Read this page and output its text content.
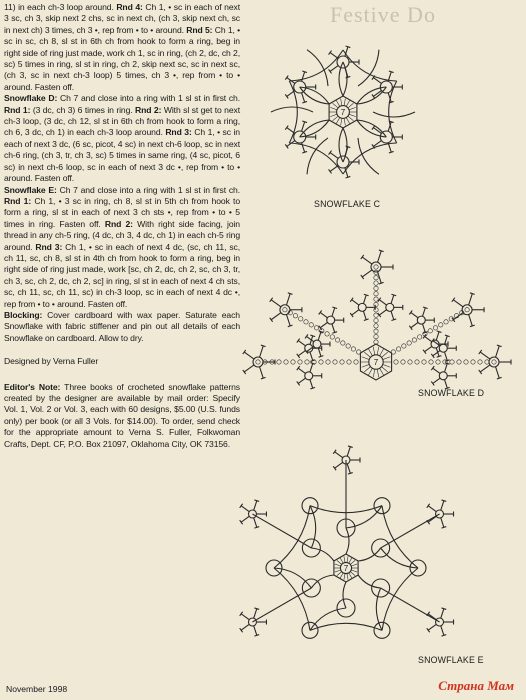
Festive Do

11) in each ch-3 loop around. Rnd 4: Ch 1, • sc in each of next 3 sc, ch 3, skip next 2 chs, sc in next ch, (ch 3, skip next ch, sc in next ch) 3 times, ch 3 •, rep from • to • around. Rnd 5: Ch 1, • sc in sc, ch 8, sl st in 6th ch from hook to form a ring, beg in right side of ring just made, work ch 1, sc in ring, (ch 2, dc, ch 2, sc) 5 times in ring, sl st in ring, ch 2, skip next sc, sc in next sc, (ch 3, sc in next ch-3 loop) 5 times, ch 3 •, rep from • to • around. Fasten off.

Snowflake D: Ch 7 and close into a ring with 1 sl st in first ch. Rnd 1: (3 dc, ch 3) 6 times in ring. Rnd 2: With sl st get to next ch-3 loop, (3 dc, ch 12, sl st in 6th ch from hook to form a ring, ch 6, 3 dc, ch 1) in each ch-3 loop around. Rnd 3: Ch 1, • sc in each of next 3 dc, (6 sc, picot, 4 sc) in next ch-6 loop, sc in next ch-6 ring, (ch 3, tr, ch 3, sc) 5 times in same ring, (4 sc, picot, 6 sc) in next ch-6 loop, sc in each of next 3 dc •, rep from • to • around. Fasten off.

Snowflake E: Ch 7 and close into a ring with 1 sl st in first ch. Rnd 1: Ch 1, • 3 sc in ring, ch 8, sl st in 5th ch from hook to form a ring, sl st in each of next 3 ch sts •, rep from • to • 5 times in ring. Fasten off. Rnd 2: With right side facing, join thread in any ch-5 ring, (4 dc, ch 3, 4 dc, ch 1) in each ch-5 ring around. Rnd 3: Ch 1, • sc in each of next 4 dc, (sc, ch 11, sc, ch 11, sc, ch 8, sl st in 4th ch from hook to form a ring, beg in right side of ring just made, work [sc, ch 2, dc, ch 2, sc, ch 3, tr, ch 3, sc, ch 2, dc, ch 2, sc] in ring, sl st in each of next 4 ch sts, sc, ch 11, sc, ch 11, sc) in ch-3 loop, sc in each of next 4 dc •, rep from • to • around. Fasten off.

Blocking: Cover cardboard with wax paper. Saturate each Snowflake with fabric stiffener and pin out all details of each Snowflake on cardboard. Allow to dry.

Designed by Verna Fuller

Editor's Note: Three books of crocheted snowflake patterns created by the designer are available by mail order: Specify Vol. 1, Vol. 2 or Vol. 3, each with 60 designs, $5.00 (U.S. funds only) per book (or all 3 Vols. for $14.00). To order, send check for the appropriate amount to Verna S. Fuller, Folkwoman Crafts, Dept. CF, P.O. Box 21097, Oklahoma City, OK 73156.

November 1998
7
SNOWFLAKE C
7
SNOWFLAKE D
7
SNOWFLAKE E
Страна Мам
